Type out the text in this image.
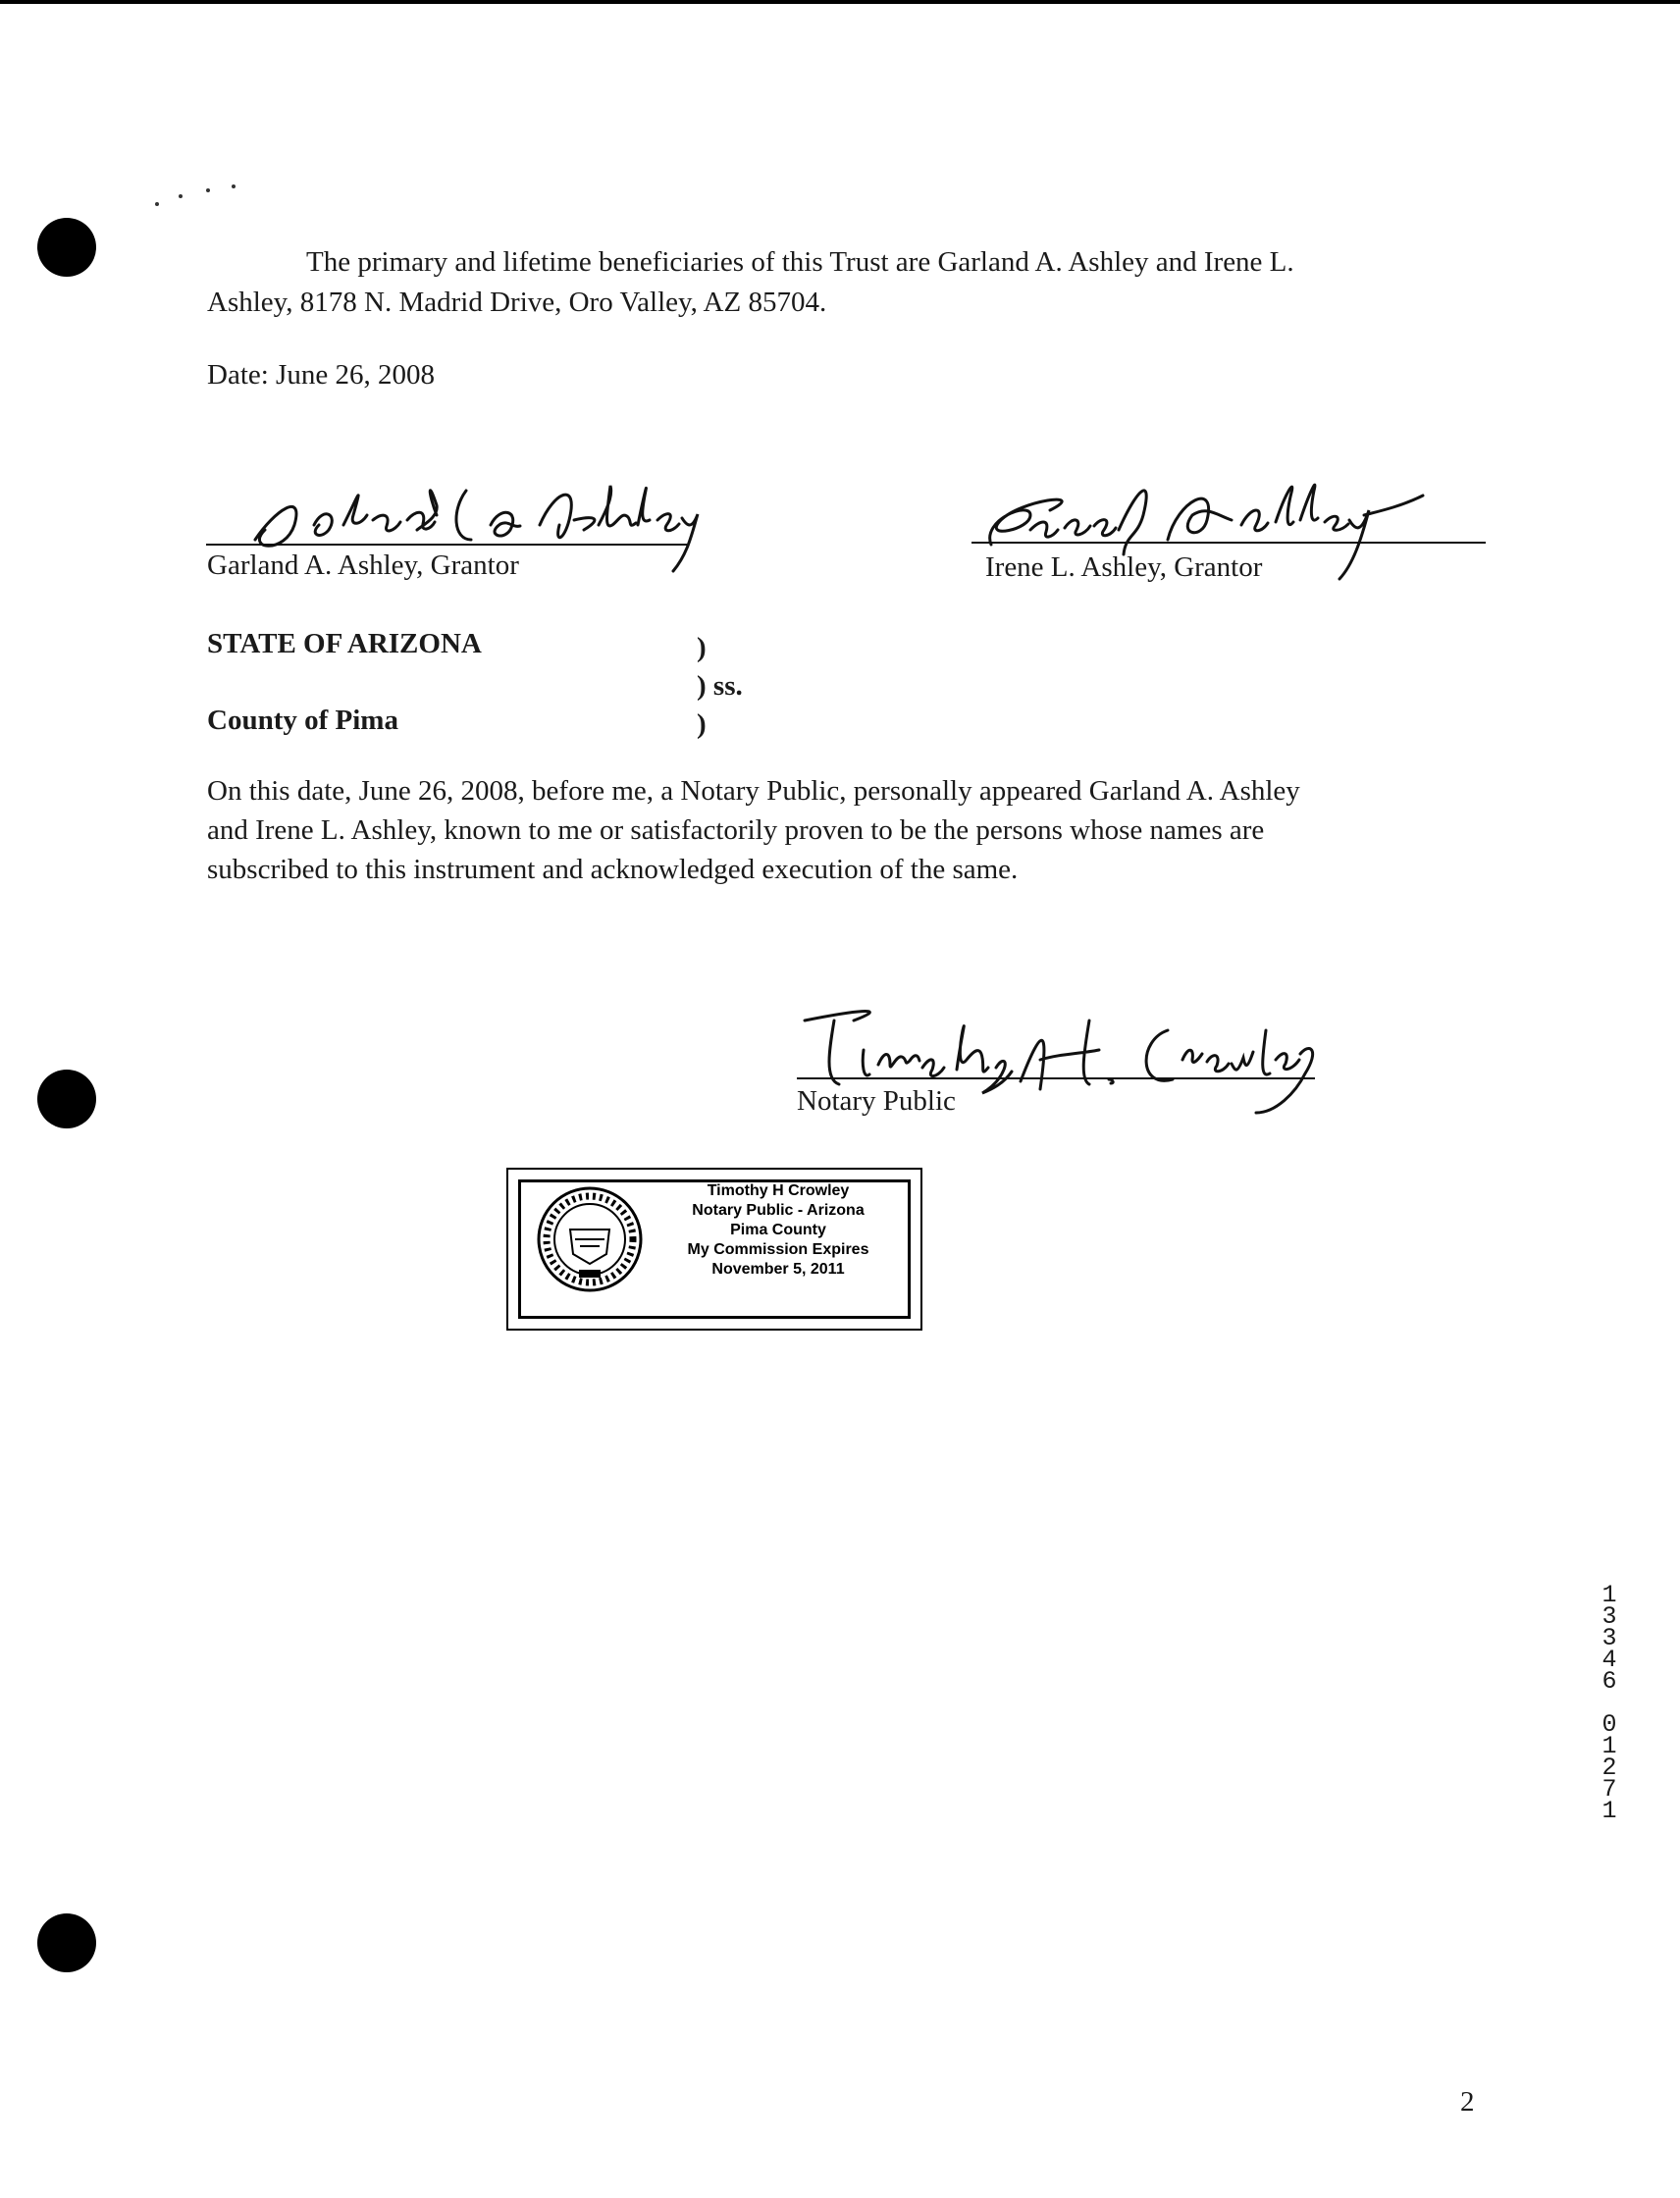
The primary and lifetime beneficiaries of this Trust are Garland A. Ashley and Irene L.
Ashley, 8178 N. Madrid Drive, Oro Valley, AZ 85704.
Date: June 26, 2008
Garland A. Ashley, Grantor	Irene L. Ashley, Grantor
STATE OF ARIZONA
County of Pima
)
) ss.
)
On this date, June 26, 2008, before me, a Notary Public, personally appeared Garland A. Ashley
and Irene L. Ashley, known to me or satisfactorily proven to be the persons whose names are
subscribed to this instrument and acknowledged execution of the same.
Notary Public
Timothy H Crowley
Notary Public - Arizona
Pima County
My Commission Expires
November 5, 2011
1
3
3
4
6
0
1
2
7
1
2
